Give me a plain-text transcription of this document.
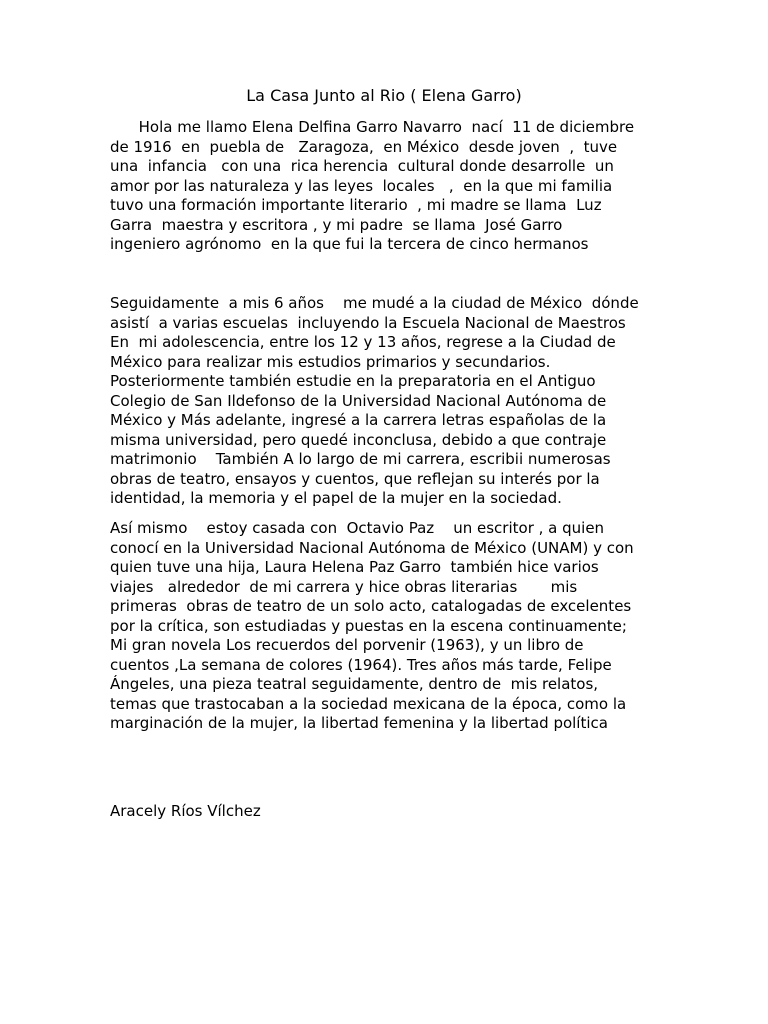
La Casa Junto al Rio ( Elena Garro)
Hola me llamo Elena Delfina Garro Navarro  nací  11 de diciembre
de 1916  en  puebla de   Zaragoza,  en México  desde joven  ,  tuve
una  infancia   con una  rica herencia  cultural donde desarrolle  un
amor por las naturaleza y las leyes  locales   ,  en la que mi familia
tuvo una formación importante literario  , mi madre se llama  Luz
Garra  maestra y escritora , y mi padre  se llama  José Garro
ingeniero agrónomo  en la que fui la tercera de cinco hermanos
Seguidamente  a mis 6 años    me mudé a la ciudad de México  dónde
asistí  a varias escuelas  incluyendo la Escuela Nacional de Maestros
En  mi adolescencia, entre los 12 y 13 años, regrese a la Ciudad de
México para realizar mis estudios primarios y secundarios.
Posteriormente también estudie en la preparatoria en el Antiguo
Colegio de San Ildefonso de la Universidad Nacional Autónoma de
México y Más adelante, ingresé a la carrera letras españolas de la
misma universidad, pero quedé inconclusa, debido a que contraje
matrimonio    También A lo largo de mi carrera, escribii numerosas
obras de teatro, ensayos y cuentos, que reflejan su interés por la
identidad, la memoria y el papel de la mujer en la sociedad.
Así mismo    estoy casada con  Octavio Paz    un escritor , a quien
conocí en la Universidad Nacional Autónoma de México (UNAM) y con
quien tuve una hija, Laura Helena Paz Garro  también hice varios
viajes   alrededor  de mi carrera y hice obras literarias       mis
primeras  obras de teatro de un solo acto, catalogadas de excelentes
por la crítica, son estudiadas y puestas en la escena continuamente;
Mi gran novela Los recuerdos del porvenir (1963), y un libro de
cuentos ,La semana de colores (1964). Tres años más tarde, Felipe
Ángeles, una pieza teatral seguidamente, dentro de  mis relatos,
temas que trastocaban a la sociedad mexicana de la época, como la
marginación de la mujer, la libertad femenina y la libertad política
Aracely Ríos Vílchez
